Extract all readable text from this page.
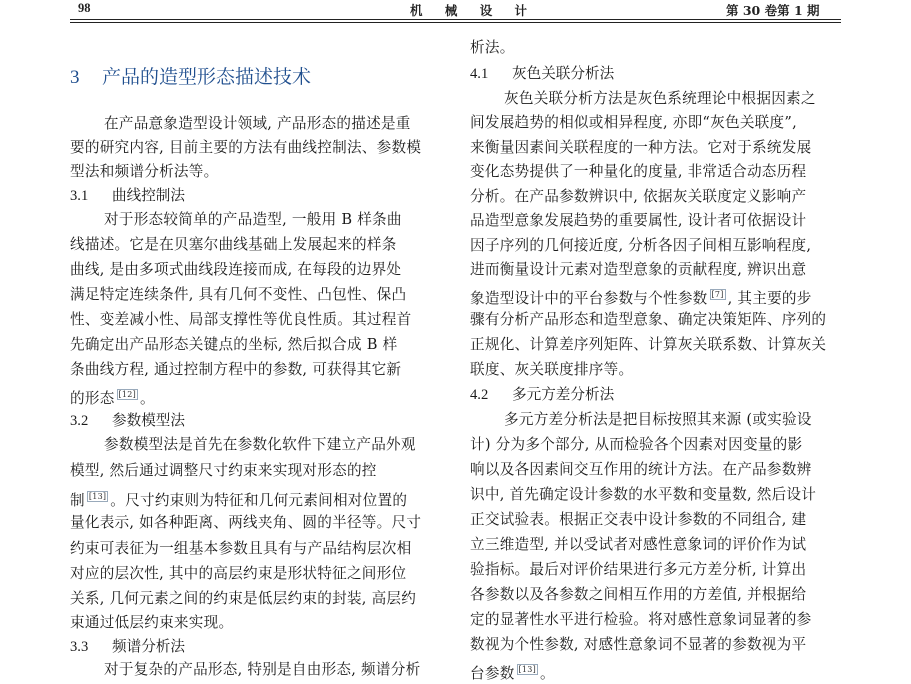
98	机 械 设 计	第 30 卷第 1 期
3 产品的造型形态描述技术
在产品意象造型设计领域, 产品形态的描述是重
要的研究内容, 目前主要的方法有曲线控制法、参数模
型法和频谱分析法等。
3.1 曲线控制法
对于形态较简单的产品造型, 一般用 B 样条曲
线描述。它是在贝塞尔曲线基础上发展起来的样条
曲线, 是由多项式曲线段连接而成, 在每段的边界处
满足特定连续条件, 具有几何不变性、凸包性、保凸
性、变差减小性、局部支撑性等优良性质。其过程首
先确定出产品形态关键点的坐标, 然后拟合成 B 样
条曲线方程, 通过控制方程中的参数, 可获得其它新
的形态 [12] 。
3.2 参数模型法
参数模型法是首先在参数化软件下建立产品外观
模型, 然后通过调整尺寸约束来实现对形态的控
制 [13] 。尺寸约束则为特征和几何元素间相对位置的
量化表示, 如各种距离、两线夹角、圆的半径等。尺寸
约束可表征为一组基本参数且具有与产品结构层次相
对应的层次性, 其中的高层约束是形状特征之间形位
关系, 几何元素之间的约束是低层约束的封装, 高层约
束通过低层约束来实现。
3.3 频谱分析法
对于复杂的产品形态, 特别是自由形态, 频谱分析
析法。
4.1 灰色关联分析法
灰色关联分析方法是灰色系统理论中根据因素之
间发展趋势的相似或相异程度, 亦即“灰色关联度”,
来衡量因素间关联程度的一种方法。它对于系统发展
变化态势提供了一种量化的度量, 非常适合动态历程
分析。在产品参数辨识中, 依据灰关联度定义影响产
品造型意象发展趋势的重要属性, 设计者可依据设计
因子序列的几何接近度, 分析各因子间相互影响程度,
进而衡量设计元素对造型意象的贡献程度, 辨识出意
象造型设计中的平台参数与个性参数 [7] , 其主要的步
骤有分析产品形态和造型意象、确定决策矩阵、序列的
正规化、计算差序列矩阵、计算灰关联系数、计算灰关
联度、灰关联度排序等。
4.2 多元方差分析法
多元方差分析法是把目标按照其来源 (或实验设
计) 分为多个部分, 从而检验各个因素对因变量的影
响以及各因素间交互作用的统计方法。在产品参数辨
识中, 首先确定设计参数的水平数和变量数, 然后设计
正交试验表。根据正交表中设计参数的不同组合, 建
立三维造型, 并以受试者对感性意象词的评价作为试
验指标。最后对评价结果进行多元方差分析, 计算出
各参数以及各参数之间相互作用的方差值, 并根据给
定的显著性水平进行检验。将对感性意象词显著的参
数视为个性参数, 对感性意象词不显著的参数视为平
台参数 [13] 。
